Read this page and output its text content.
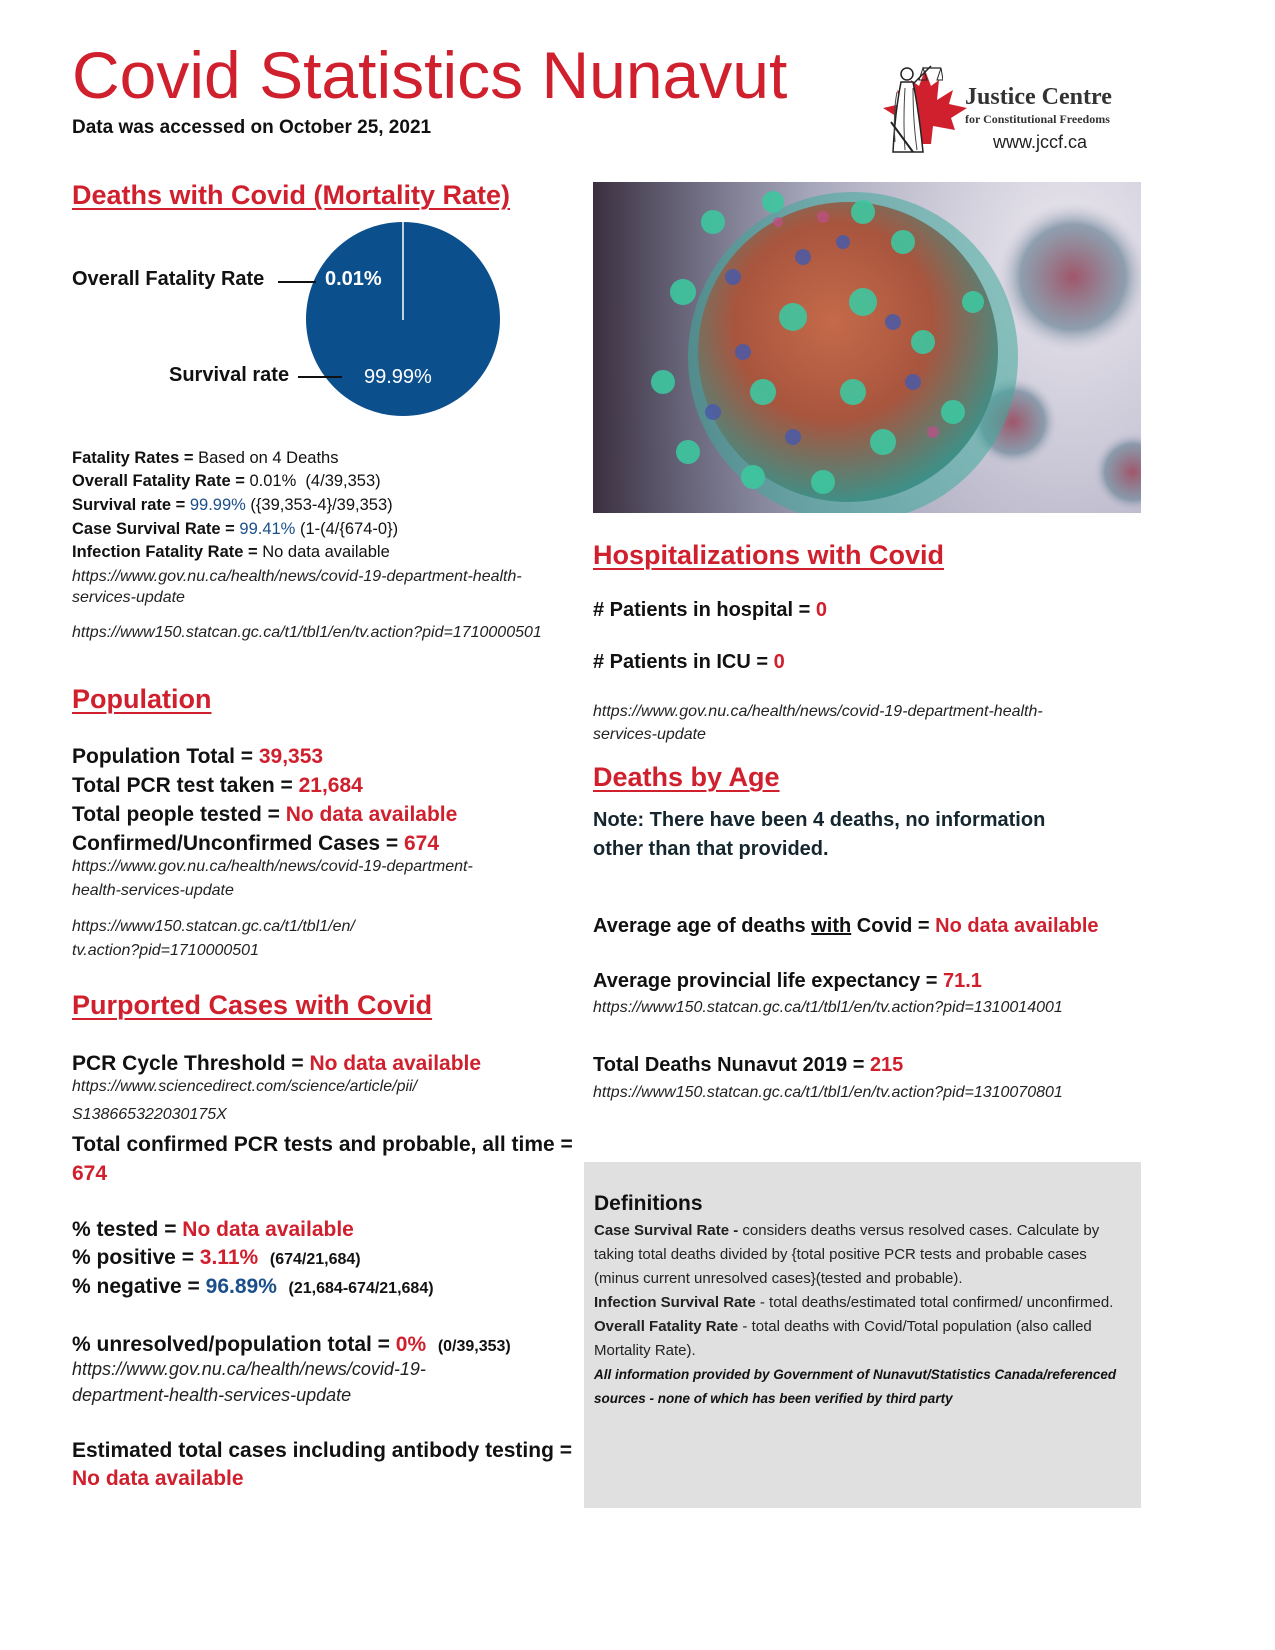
Covid Statistics Nunavut
Data was accessed on October 25, 2021
Justice Centre
for Constitutional Freedoms
www.jccf.ca
Deaths with Covid (Mortality Rate)
Overall Fatality Rate	0.01%
Survival rate	99.99%
Fatality Rates = Based on 4 Deaths
Overall Fatality Rate = 0.01%  (4/39,353)
Survival rate = 99.99% ({39,353-4}/39,353)
Case Survival Rate = 99.41% (1-(4/{674-0})
Infection Fatality Rate = No data available
https://www.gov.nu.ca/health/news/covid-19-department-health-
services-update
https://www150.statcan.gc.ca/t1/tbl1/en/tv.action?pid=1710000501
Population
Population Total = 39,353
Total PCR test taken = 21,684
Total people tested = No data available
Confirmed/Unconfirmed Cases = 674
https://www.gov.nu.ca/health/news/covid-19-department-
health-services-update
https://www150.statcan.gc.ca/t1/tbl1/en/
tv.action?pid=1710000501
Purported Cases with Covid
PCR Cycle Threshold = No data available
https://www.sciencedirect.com/science/article/pii/
S138665322030175X
Total confirmed PCR tests and probable, all time =
674
% tested = No data available
% positive = 3.11% (674/21,684)
% negative = 96.89% (21,684-674/21,684)
% unresolved/population total = 0% (0/39,353)
https://www.gov.nu.ca/health/news/covid-19-
department-health-services-update
Estimated total cases including antibody testing =
No data available
Hospitalizations with Covid
# Patients in hospital = 0
# Patients in ICU = 0
https://www.gov.nu.ca/health/news/covid-19-department-health-
services-update
Deaths by Age
Note: There have been 4 deaths, no information
other than that provided.
Average age of deaths with Covid = No data available
Average provincial life expectancy = 71.1
https://www150.statcan.gc.ca/t1/tbl1/en/tv.action?pid=1310014001
Total Deaths Nunavut 2019 = 215
https://www150.statcan.gc.ca/t1/tbl1/en/tv.action?pid=1310070801
Definitions

Case Survival Rate - considers deaths versus resolved cases. Calculate by taking total deaths divided by {total positive PCR tests and probable cases (minus current unresolved cases}(tested and probable).

Infection Survival Rate - total deaths/estimated total confirmed/ unconfirmed.

Overall Fatality Rate - total deaths with Covid/Total population (also called Mortality Rate).

All information provided by Government of Nunavut/Statistics Canada/referenced sources - none of which has been verified by third party
